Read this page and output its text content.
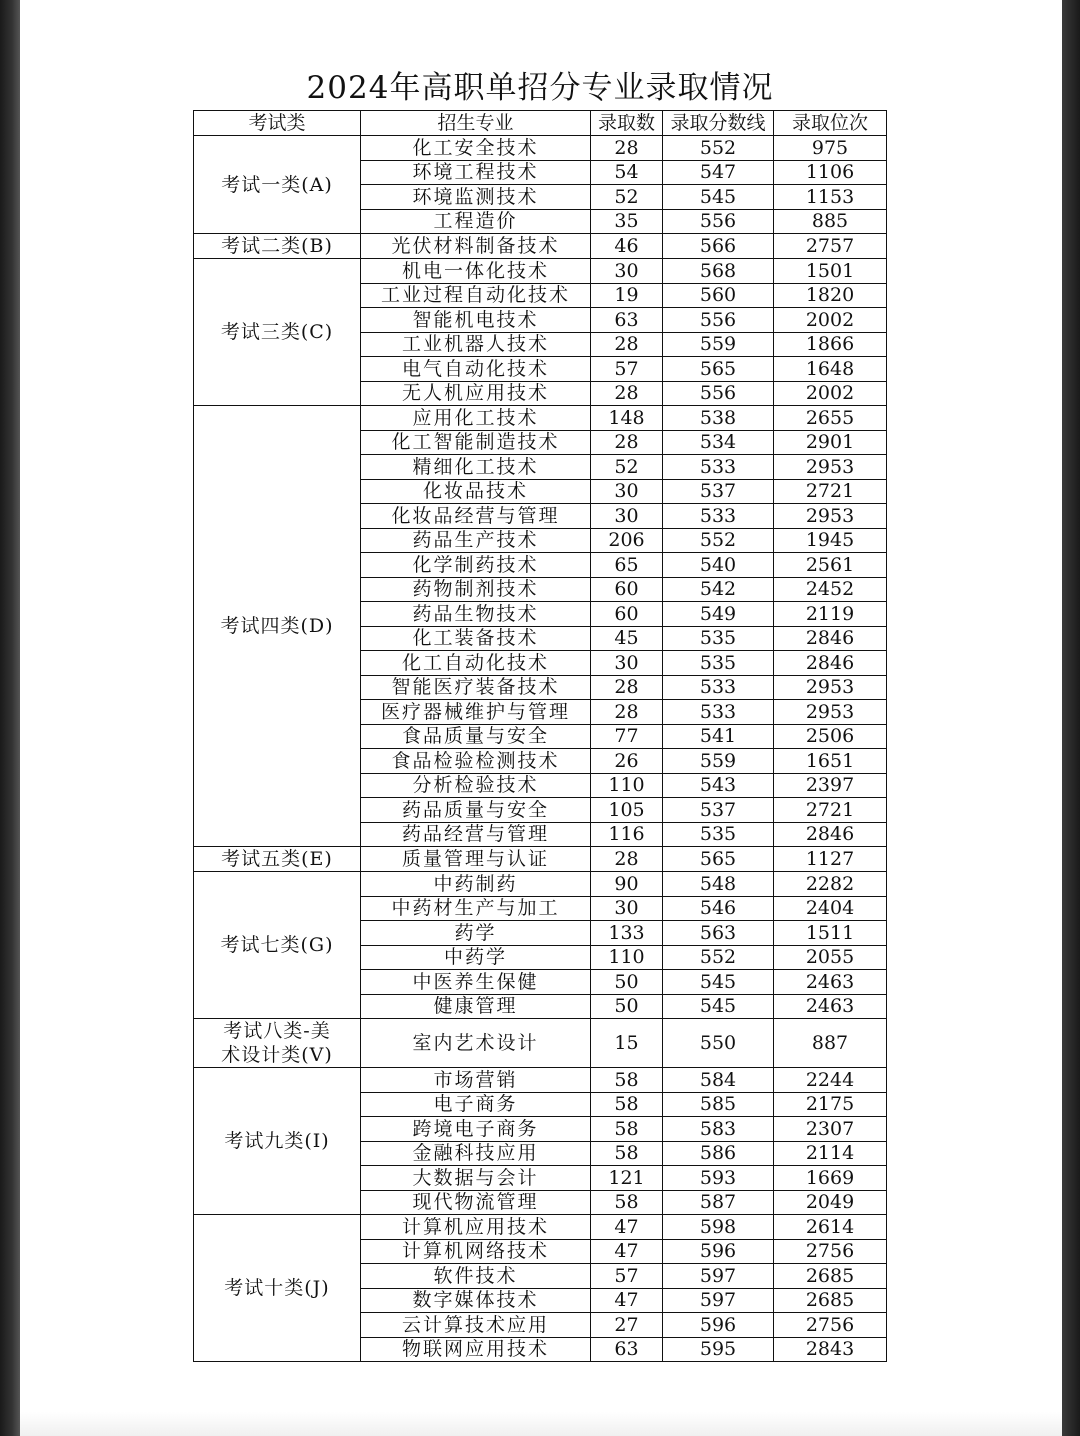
2024年高职单招分专业录取情况
考试类	招生专业	录取数	录取分数线	录取位次
考试一类(A)	化工安全技术	28	552	975
	环境工程技术	54	547	1106
	环境监测技术	52	545	1153
	工程造价	35	556	885
考试二类(B)	光伏材料制备技术	46	566	2757
考试三类(C)	机电一体化技术	30	568	1501
	工业过程自动化技术	19	560	1820
	智能机电技术	63	556	2002
	工业机器人技术	28	559	1866
	电气自动化技术	57	565	1648
	无人机应用技术	28	556	2002
考试四类(D)	应用化工技术	148	538	2655
	化工智能制造技术	28	534	2901
	精细化工技术	52	533	2953
	化妆品技术	30	537	2721
	化妆品经营与管理	30	533	2953
	药品生产技术	206	552	1945
	化学制药技术	65	540	2561
	药物制剂技术	60	542	2452
	药品生物技术	60	549	2119
	化工装备技术	45	535	2846
	化工自动化技术	30	535	2846
	智能医疗装备技术	28	533	2953
	医疗器械维护与管理	28	533	2953
	食品质量与安全	77	541	2506
	食品检验检测技术	26	559	1651
	分析检验技术	110	543	2397
	药品质量与安全	105	537	2721
	药品经营与管理	116	535	2846
考试五类(E)	质量管理与认证	28	565	1127
考试七类(G)	中药制药	90	548	2282
	中药材生产与加工	30	546	2404
	药学	133	563	1511
	中药学	110	552	2055
	中医养生保健	50	545	2463
	健康管理	50	545	2463
考试八类-美术设计类(V)	室内艺术设计	15	550	887
考试九类(I)	市场营销	58	584	2244
	电子商务	58	585	2175
	跨境电子商务	58	583	2307
	金融科技应用	58	586	2114
	大数据与会计	121	593	1669
	现代物流管理	58	587	2049
考试十类(J)	计算机应用技术	47	598	2614
	计算机网络技术	47	596	2756
	软件技术	57	597	2685
	数字媒体技术	47	597	2685
	云计算技术应用	27	596	2756
	物联网应用技术	63	595	2843
